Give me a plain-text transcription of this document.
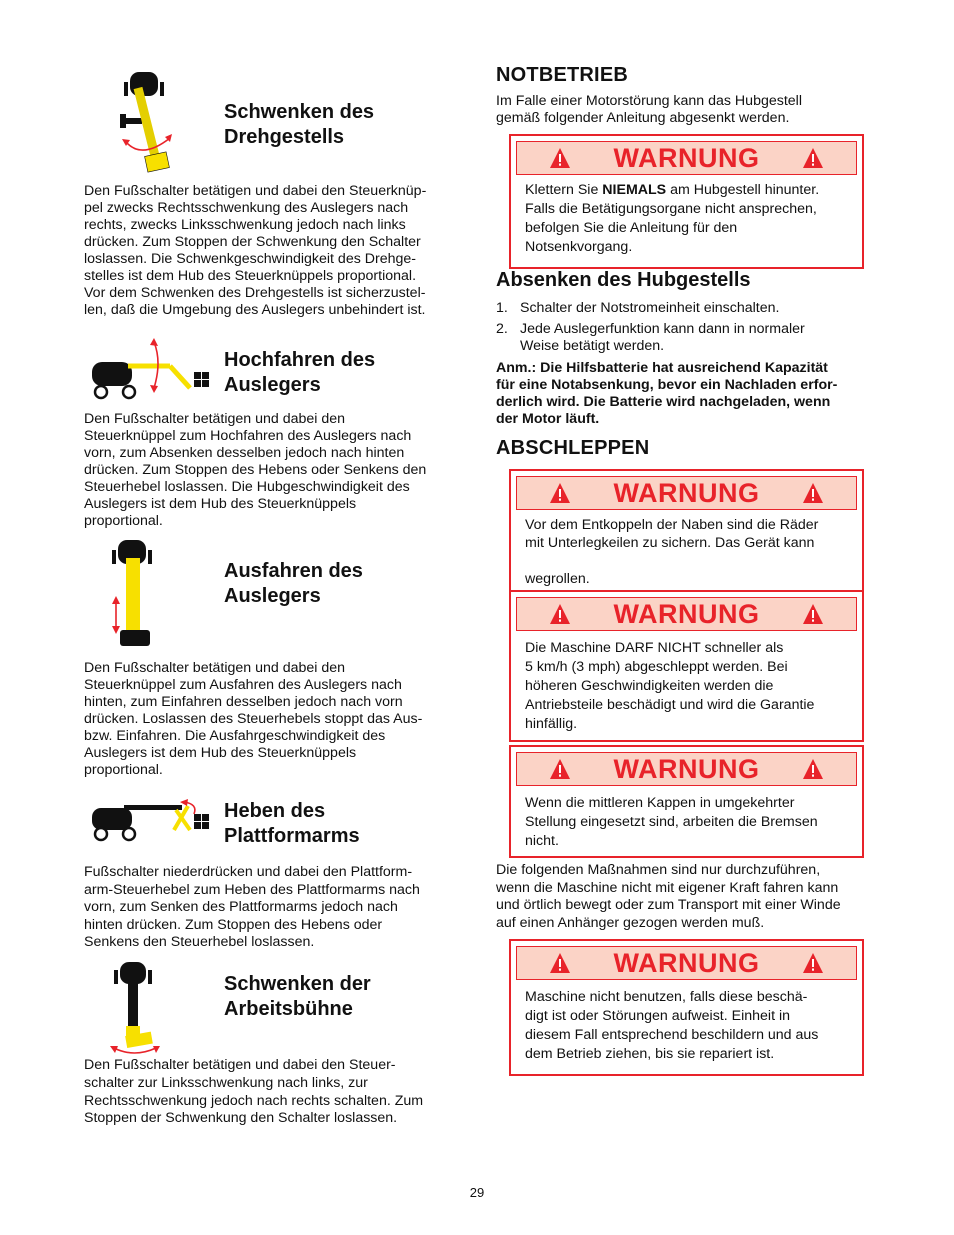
Schwenken des
Drehgestells
Den Fußschalter betätigen und dabei den Steuerknüp-
pel zwecks Rechtsschwenkung des Auslegers nach
rechts, zwecks Linksschwenkung jedoch nach links
drücken. Zum Stoppen der Schwenkung den Schalter
loslassen. Die Schwenkgeschwindigkeit des Drehge-
stelles ist dem Hub des Steuerknüppels proportional.
Vor dem Schwenken des Drehgestells ist sicherzustel-
len, daß die Umgebung des Auslegers unbehindert ist.
Hochfahren des
Auslegers
Den Fußschalter betätigen und dabei den
Steuerknüppel zum Hochfahren des Auslegers nach
vorn, zum Absenken desselben jedoch nach hinten
drücken. Zum Stoppen des Hebens oder Senkens den
Steuerhebel loslassen. Die Hubgeschwindigkeit des
Auslegers ist dem Hub des Steuerknüppels
proportional.
Ausfahren des
Auslegers
Den Fußschalter betätigen und dabei den
Steuerknüppel zum Ausfahren des Auslegers nach
hinten, zum Einfahren desselben jedoch nach vorn
drücken. Loslassen des Steuerhebels stoppt das Aus-
bzw. Einfahren. Die Ausfahrgeschwindigkeit des
Auslegers ist dem Hub des Steuerknüppels
proportional.
Heben des
Plattformarms
Fußschalter niederdrücken und dabei den Plattform-
arm-Steuerhebel zum Heben des Plattformarms nach
vorn, zum Senken des Plattformarms jedoch nach
hinten drücken. Zum Stoppen des Hebens oder
Senkens den Steuerhebel loslassen.
Schwenken der
Arbeitsbühne
Den Fußschalter betätigen und dabei den Steuer-
schalter zur Linksschwenkung nach links, zur
Rechtsschwenkung jedoch nach rechts schalten. Zum
Stoppen der Schwenkung den Schalter loslassen.
NOTBETRIEB
Im Falle einer Motorstörung kann das Hubgestell
gemäß folgender Anleitung abgesenkt werden.
WARNUNG
Klettern Sie NIEMALS am Hubgestell hinunter.
Falls die Betätigungsorgane nicht ansprechen,
befolgen Sie die Anleitung für den
Notsenkvorgang.
Absenken des Hubgestells
1. Schalter der Notstromeinheit einschalten.
2. Jede Auslegerfunktion kann dann in normaler
Weise betätigt werden.
Anm.: Die Hilfsbatterie hat ausreichend Kapazität
für eine Notabsenkung, bevor ein Nachladen erfor-
derlich wird. Die Batterie wird nachgeladen, wenn
der Motor läuft.
ABSCHLEPPEN
WARNUNG
Vor dem Entkoppeln der Naben sind die Räder
mit Unterlegkeilen zu sichern. Das Gerät kann

wegrollen.
WARNUNG
Die Maschine DARF NICHT schneller als
5 km/h (3 mph) abgeschleppt werden. Bei
höheren Geschwindigkeiten werden die
Antriebsteile beschädigt und wird die Garantie
hinfällig.
WARNUNG
Wenn die mittleren Kappen in umgekehrter
Stellung eingesetzt sind, arbeiten die Bremsen
nicht.
Die folgenden Maßnahmen sind nur durchzuführen,
wenn die Maschine nicht mit eigener Kraft fahren kann
und örtlich bewegt oder zum Transport mit einer Winde
auf einen Anhänger gezogen werden muß.
WARNUNG
Maschine nicht benutzen, falls diese beschä-
digt ist oder Störungen aufweist. Einheit in
diesem Fall entsprechend beschildern und aus
dem Betrieb ziehen, bis sie repariert ist.
29
